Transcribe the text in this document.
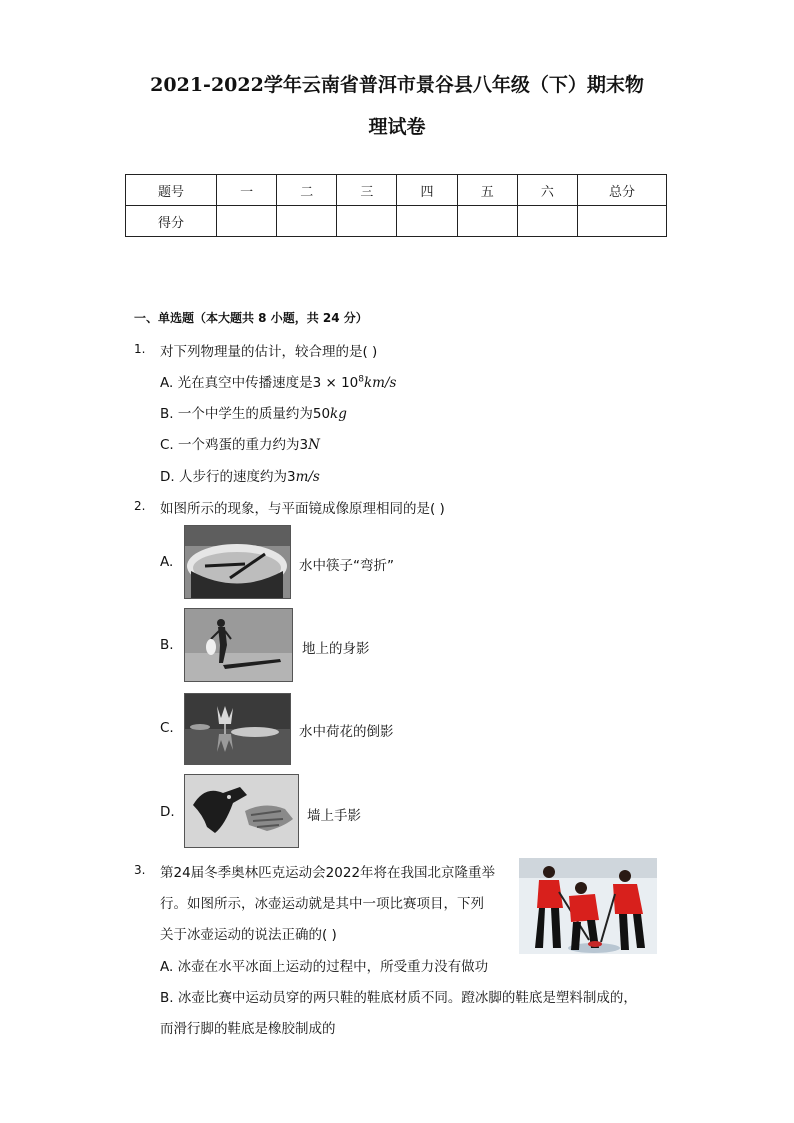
2021-2022学年云南省普洱市景谷县八年级（下）期末物
理试卷
题号	一	二	三	四	五	六	总分
得分							
一、单选题（本大题共 8 小题，共 24 分）
1. 对下列物理量的估计，较合理的是( )
A. 光在真空中传播速度是$3 \times 10^8km/s$
B. 一个中学生的质量约为50kg
C. 一个鸡蛋的重力约为3N
D. 人步行的速度约为3m/s
2. 如图所示的现象，与平面镜成像原理相同的是( )
A.	水中筷子“弯折”
B.	地上的身影
C.	水中荷花的倒影
D.	墙上手影
3. 第24届冬季奥林匹克运动会2022年将在我国北京隆重举
行。如图所示，冰壶运动就是其中一项比赛项目，下列
关于冰壶运动的说法正确的( )
A. 冰壶在水平冰面上运动的过程中，所受重力没有做功
B. 冰壶比赛中运动员穿的两只鞋的鞋底材质不同。蹬冰脚的鞋底是塑料制成的，
而滑行脚的鞋底是橡胶制成的
